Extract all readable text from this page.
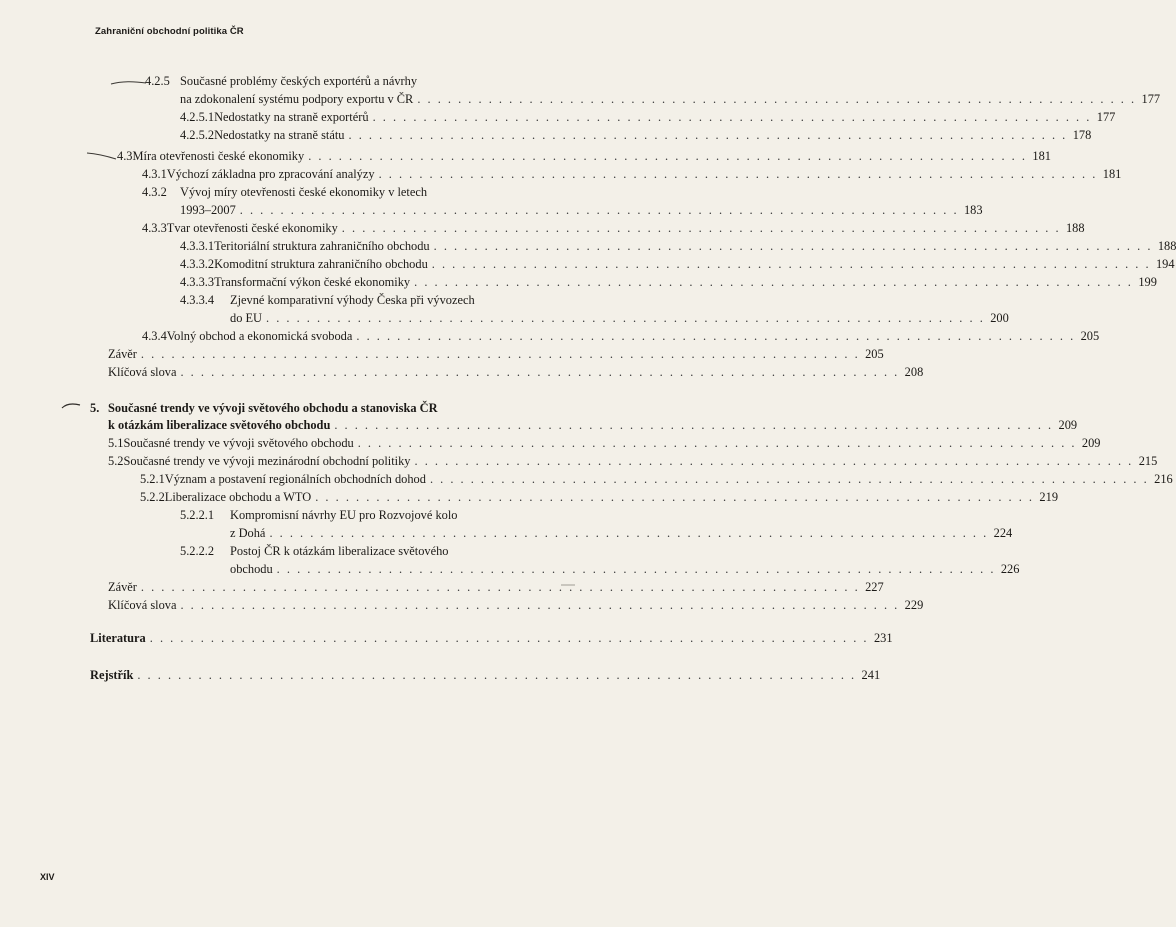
Zahraniční obchodní politika ČR
4.2.5 Současné problémy českých exportérů a návrhy
na zdokonalení systému podpory exportu v ČR . . . . . . . . . . . . . . . . . . . . . . . . . . . . . . . . . . . . . . . . . . . . . . . . . . . . . . . . . . . . . . . . . . . . . . . 177
4.2.5.1 Nedostatky na straně exportérů . . . . . . . . . . . . . . . . . . . . . . . . . . . . . . . . . . . . . . . . . . . . . . . . . . . . . . . . . . . . . . . . . . . . . . . 177
4.2.5.2 Nedostatky na straně státu . . . . . . . . . . . . . . . . . . . . . . . . . . . . . . . . . . . . . . . . . . . . . . . . . . . . . . . . . . . . . . . . . . . . . . . 178
4.3 Míra otevřenosti české ekonomiky . . . . . . . . . . . . . . . . . . . . . . . . . . . . . . . . . . . . . . . . . . . . . . . . . . . . . . . . . . . . . . . . . . . . . . . 181
4.3.1 Výchozí základna pro zpracování analýzy . . . . . . . . . . . . . . . . . . . . . . . . . . . . . . . . . . . . . . . . . . . . . . . . . . . . . . . . . . . . . . . . . . . . . . . 181
4.3.2	Vývoj míry otevřenosti české ekonomiky v letech
1993–2007 . . . . . . . . . . . . . . . . . . . . . . . . . . . . . . . . . . . . . . . . . . . . . . . . . . . . . . . . . . . . . . . . . . . . . . . 183
4.3.3 Tvar otevřenosti české ekonomiky . . . . . . . . . . . . . . . . . . . . . . . . . . . . . . . . . . . . . . . . . . . . . . . . . . . . . . . . . . . . . . . . . . . . . . . 188
4.3.3.1 Teritoriální struktura zahraničního obchodu . . . . . . . . . . . . . . . . . . . . . . . . . . . . . . . . . . . . . . . . . . . . . . . . . . . . . . . . . . . . . . . . . . . . . . . 188
4.3.3.2 Komoditní struktura zahraničního obchodu . . . . . . . . . . . . . . . . . . . . . . . . . . . . . . . . . . . . . . . . . . . . . . . . . . . . . . . . . . . . . . . . . . . . . . . 194
4.3.3.3 Transformační výkon české ekonomiky . . . . . . . . . . . . . . . . . . . . . . . . . . . . . . . . . . . . . . . . . . . . . . . . . . . . . . . . . . . . . . . . . . . . . . . 199
4.3.3.4	Zjevné komparativní výhody Česka při vývozech
do EU . . . . . . . . . . . . . . . . . . . . . . . . . . . . . . . . . . . . . . . . . . . . . . . . . . . . . . . . . . . . . . . . . . . . . . . 200
4.3.4 Volný obchod a ekonomická svoboda . . . . . . . . . . . . . . . . . . . . . . . . . . . . . . . . . . . . . . . . . . . . . . . . . . . . . . . . . . . . . . . . . . . . . . . 205
Závěr . . . . . . . . . . . . . . . . . . . . . . . . . . . . . . . . . . . . . . . . . . . . . . . . . . . . . . . . . . . . . . . . . . . . . . . 205
Klíčová slova . . . . . . . . . . . . . . . . . . . . . . . . . . . . . . . . . . . . . . . . . . . . . . . . . . . . . . . . . . . . . . . . . . . . . . . 208
5. Současné trendy ve vývoji světového obchodu a stanoviska ČR
k otázkám liberalizace světového obchodu . . . . . . . . . . . . . . . . . . . . . . . . . . . . . . . . . . . . . . . . . . . . . . . . . . . . . . . . . . . . . . . . . . . . . . . 209
5.1 Současné trendy ve vývoji světového obchodu . . . . . . . . . . . . . . . . . . . . . . . . . . . . . . . . . . . . . . . . . . . . . . . . . . . . . . . . . . . . . . . . . . . . . . . 209
5.2 Současné trendy ve vývoji mezinárodní obchodní politiky . . . . . . . . . . . . . . . . . . . . . . . . . . . . . . . . . . . . . . . . . . . . . . . . . . . . . . . . . . . . . . . . . . . . . . . 215
5.2.1 Význam a postavení regionálních obchodních dohod . . . . . . . . . . . . . . . . . . . . . . . . . . . . . . . . . . . . . . . . . . . . . . . . . . . . . . . . . . . . . . . . . . . . . . . 216
5.2.2 Liberalizace obchodu a WTO . . . . . . . . . . . . . . . . . . . . . . . . . . . . . . . . . . . . . . . . . . . . . . . . . . . . . . . . . . . . . . . . . . . . . . . 219
5.2.2.1	Kompromisní návrhy EU pro Rozvojové kolo
z Dohá . . . . . . . . . . . . . . . . . . . . . . . . . . . . . . . . . . . . . . . . . . . . . . . . . . . . . . . . . . . . . . . . . . . . . . . 224
5.2.2.2	Postoj ČR k otázkám liberalizace světového
obchodu . . . . . . . . . . . . . . . . . . . . . . . . . . . . . . . . . . . . . . . . . . . . . . . . . . . . . . . . . . . . . . . . . . . . . . . 226
Závěr . . . . . . . . . . . . . . . . . . . . . . . . . . . . . . . . . . . . . . . . . . . . . . . . . . . . . . . . . . . . . . . . . . . . . . . 227
Klíčová slova . . . . . . . . . . . . . . . . . . . . . . . . . . . . . . . . . . . . . . . . . . . . . . . . . . . . . . . . . . . . . . . . . . . . . . . 229
Literatura . . . . . . . . . . . . . . . . . . . . . . . . . . . . . . . . . . . . . . . . . . . . . . . . . . . . . . . . . . . . . . . . . . . . . . . 231
Rejstřík . . . . . . . . . . . . . . . . . . . . . . . . . . . . . . . . . . . . . . . . . . . . . . . . . . . . . . . . . . . . . . . . . . . . . . . 241
XIV
